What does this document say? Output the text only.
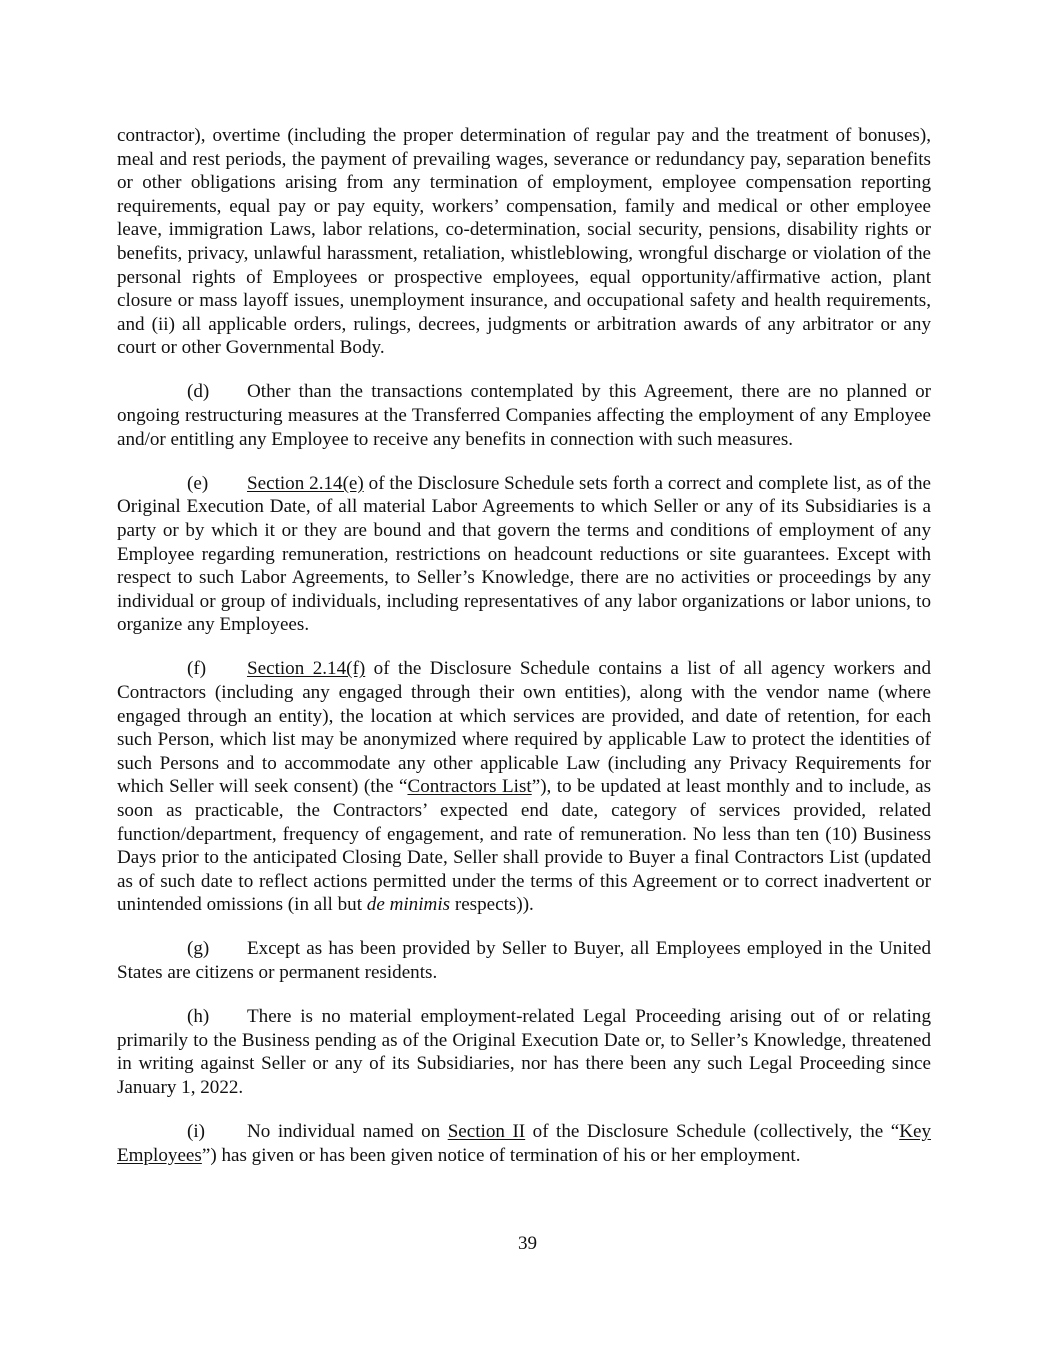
contractor), overtime (including the proper determination of regular pay and the treatment of bonuses), meal and rest periods, the payment of prevailing wages, severance or redundancy pay, separation benefits or other obligations arising from any termination of employment, employee compensation reporting requirements, equal pay or pay equity, workers’ compensation, family and medical or other employee leave, immigration Laws, labor relations, co-determination, social security, pensions, disability rights or benefits, privacy, unlawful harassment, retaliation, whistleblowing, wrongful discharge or violation of the personal rights of Employees or prospective employees, equal opportunity/affirmative action, plant closure or mass layoff issues, unemployment insurance, and occupational safety and health requirements, and (ii) all applicable orders, rulings, decrees, judgments or arbitration awards of any arbitrator or any court or other Governmental Body.

(d) Other than the transactions contemplated by this Agreement, there are no planned or ongoing restructuring measures at the Transferred Companies affecting the employment of any Employee and/or entitling any Employee to receive any benefits in connection with such measures.

(e) Section 2.14(e) of the Disclosure Schedule sets forth a correct and complete list, as of the Original Execution Date, of all material Labor Agreements to which Seller or any of its Subsidiaries is a party or by which it or they are bound and that govern the terms and conditions of employment of any Employee regarding remuneration, restrictions on headcount reductions or site guarantees. Except with respect to such Labor Agreements, to Seller’s Knowledge, there are no activities or proceedings by any individual or group of individuals, including representatives of any labor organizations or labor unions, to organize any Employees.

(f) Section 2.14(f) of the Disclosure Schedule contains a list of all agency workers and Contractors (including any engaged through their own entities), along with the vendor name (where engaged through an entity), the location at which services are provided, and date of retention, for each such Person, which list may be anonymized where required by applicable Law to protect the identities of such Persons and to accommodate any other applicable Law (including any Privacy Requirements for which Seller will seek consent) (the “Contractors List”), to be updated at least monthly and to include, as soon as practicable, the Contractors’ expected end date, category of services provided, related function/department, frequency of engagement, and rate of remuneration. No less than ten (10) Business Days prior to the anticipated Closing Date, Seller shall provide to Buyer a final Contractors List (updated as of such date to reflect actions permitted under the terms of this Agreement or to correct inadvertent or unintended omissions (in all but de minimis respects)).

(g) Except as has been provided by Seller to Buyer, all Employees employed in the United States are citizens or permanent residents.

(h) There is no material employment-related Legal Proceeding arising out of or relating primarily to the Business pending as of the Original Execution Date or, to Seller’s Knowledge, threatened in writing against Seller or any of its Subsidiaries, nor has there been any such Legal Proceeding since January 1, 2022.

(i) No individual named on Section II of the Disclosure Schedule (collectively, the “Key Employees”) has given or has been given notice of termination of his or her employment.

39
